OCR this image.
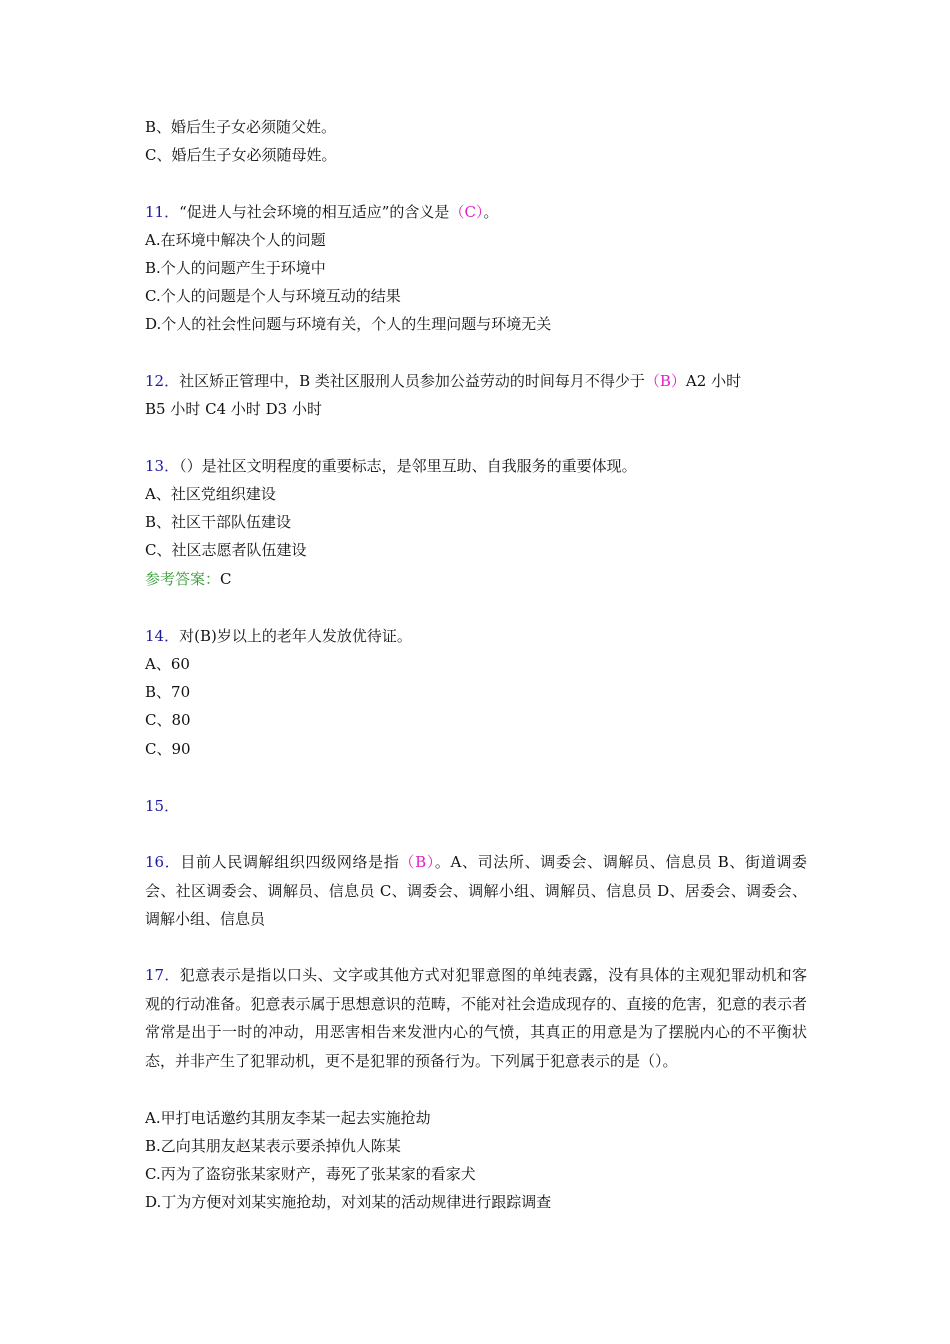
B、婚后生子女必须随父姓。
C、婚后生子女必须随母姓。
11．“促进人与社会环境的相互适应”的含义是（C）。
A.在环境中解决个人的问题
B.个人的问题产生于环境中
C.个人的问题是个人与环境互动的结果
D.个人的社会性问题与环境有关，个人的生理问题与环境无关
12．社区矫正管理中，B 类社区服刑人员参加公益劳动的时间每月不得少于（B）A2 小时
B5 小时 C4 小时 D3 小时
13．（）是社区文明程度的重要标志，是邻里互助、自我服务的重要体现。
A、社区党组织建设
B、社区干部队伍建设
C、社区志愿者队伍建设
参考答案：C
14．对(B)岁以上的老年人发放优待证。
A、60
B、70
C、80
C、90
15．
16．目前人民调解组织四级网络是指（B）。A、司法所、调委会、调解员、信息员 B、街道调委会、社区调委会、调解员、信息员 C、调委会、调解小组、调解员、信息员 D、居委会、调委会、调解小组、信息员
17．犯意表示是指以口头、文字或其他方式对犯罪意图的单纯表露，没有具体的主观犯罪动机和客观的行动准备。犯意表示属于思想意识的范畴，不能对社会造成现存的、直接的危害，犯意的表示者常常是出于一时的冲动，用恶害相告来发泄内心的气愤，其真正的用意是为了摆脱内心的不平衡状态，并非产生了犯罪动机，更不是犯罪的预备行为。下列属于犯意表示的是（）。
A.甲打电话邀约其朋友李某一起去实施抢劫
B.乙向其朋友赵某表示要杀掉仇人陈某
C.丙为了盗窃张某家财产，毒死了张某家的看家犬
D.丁为方便对刘某实施抢劫，对刘某的活动规律进行跟踪调查
